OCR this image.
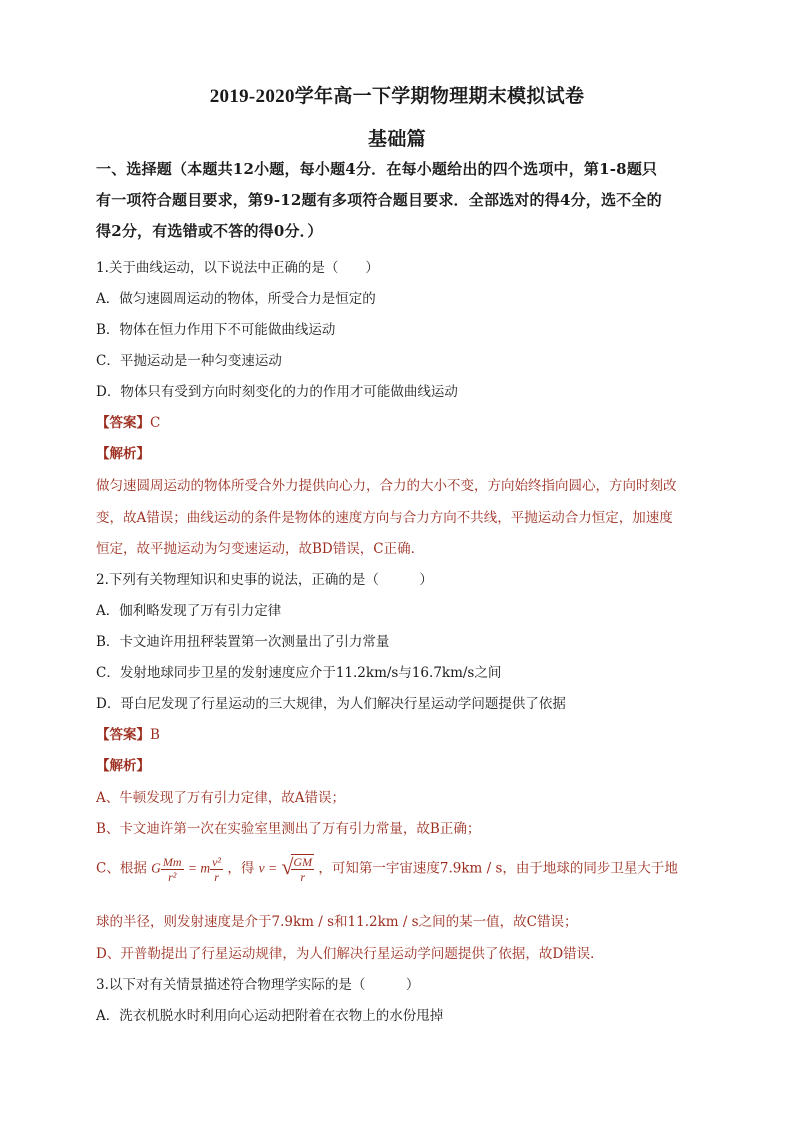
2019-2020学年高一下学期物理期末模拟试卷
基础篇
一、选择题（本题共12小题，每小题4分．在每小题给出的四个选项中，第1-8题只
有一项符合题目要求，第9-12题有多项符合题目要求．全部选对的得4分，选不全的
得2分，有选错或不答的得0分．）
1.关于曲线运动，以下说法中正确的是（　　）
A．做匀速圆周运动的物体，所受合力是恒定的
B．物体在恒力作用下不可能做曲线运动
C．平抛运动是一种匀变速运动
D．物体只有受到方向时刻变化的力的作用才可能做曲线运动
【答案】C
【解析】
做匀速圆周运动的物体所受合外力提供向心力，合力的大小不变，方向始终指向圆心，方向时刻改
变，故A错误；曲线运动的条件是物体的速度方向与合力方向不共线，平抛运动合力恒定，加速度
恒定，故平抛运动为匀变速运动，故BD错误，C正确．
2.下列有关物理知识和史事的说法，正确的是（　　　）
A．伽利略发现了万有引力定律
B．卡文迪许用扭秤装置第一次测量出了引力常量
C．发射地球同步卫星的发射速度应介于11.2km/s与16.7km/s之间
D．哥白尼发现了行星运动的三大规律，为人们解决行星运动学问题提供了依据
【答案】B
【解析】
A、牛顿发现了万有引力定律，故A错误；
B、卡文迪许第一次在实验室里测出了万有引力常量，故B正确；
C、根据 G $\frac{Mm}{\text{r²}} = m \frac{\text{v²}}{r}$ ，得 v = √
$\frac{GM}{r}$ ，可知第一宇宙速度7.9km / s，由于地球的同步卫星大于地
球的半径，则发射速度是介于7.9km / s和11.2km / s之间的某一值，故C错误；
D、开普勒提出了行星运动规律，为人们解决行星运动学问题提供了依据，故D错误．
3.以下对有关情景描述符合物理学实际的是（　　　）
A．洗衣机脱水时利用向心运动把附着在衣物上的水份甩掉
